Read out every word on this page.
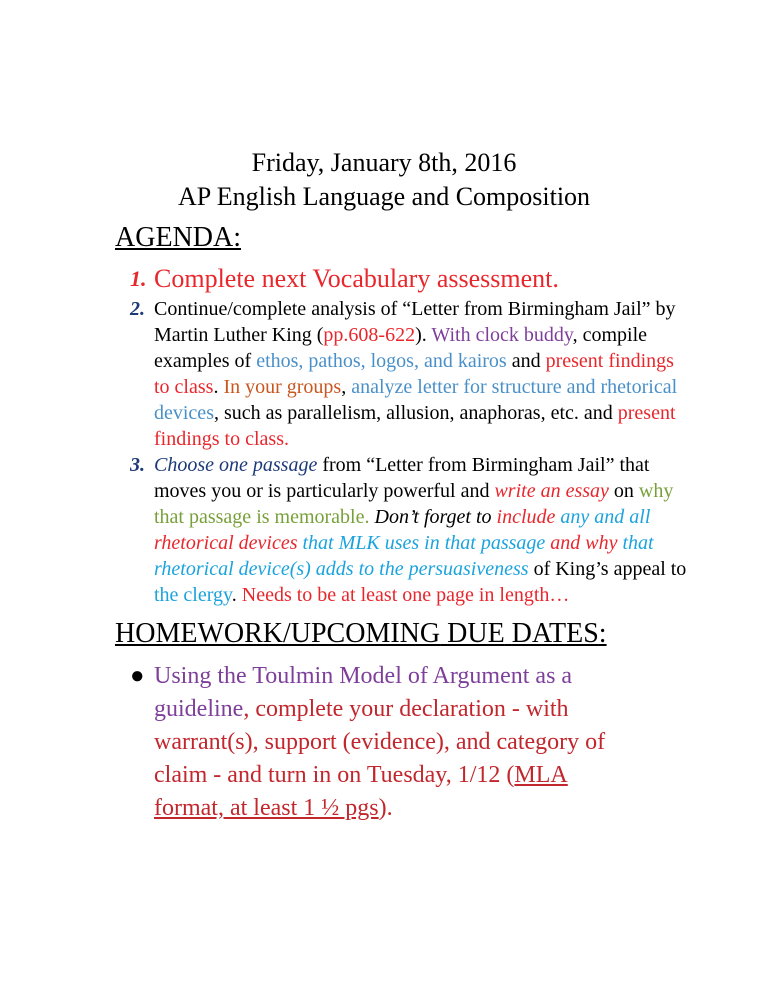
Friday, January 8th, 2016
AP English Language and Composition
AGENDA:
1. Complete next Vocabulary assessment.
2. Continue/complete analysis of “Letter from Birmingham Jail” by Martin Luther King (pp.608-622). With clock buddy, compile examples of ethos, pathos, logos, and kairos and present findings to class. In your groups, analyze letter for structure and rhetorical devices, such as parallelism, allusion, anaphoras, etc. and present findings to class.
3. Choose one passage from “Letter from Birmingham Jail” that moves you or is particularly powerful and write an essay on why that passage is memorable. Don’t forget to include any and all rhetorical devices that MLK uses in that passage and why that rhetorical device(s) adds to the persuasiveness of King’s appeal to the clergy. Needs to be at least one page in length…
HOMEWORK/UPCOMING DUE DATES:
● Using the Toulmin Model of Argument as a guideline, complete your declaration - with warrant(s), support (evidence), and category of claim - and turn in on Tuesday, 1/12 (MLA format, at least 1 ½ pgs).
